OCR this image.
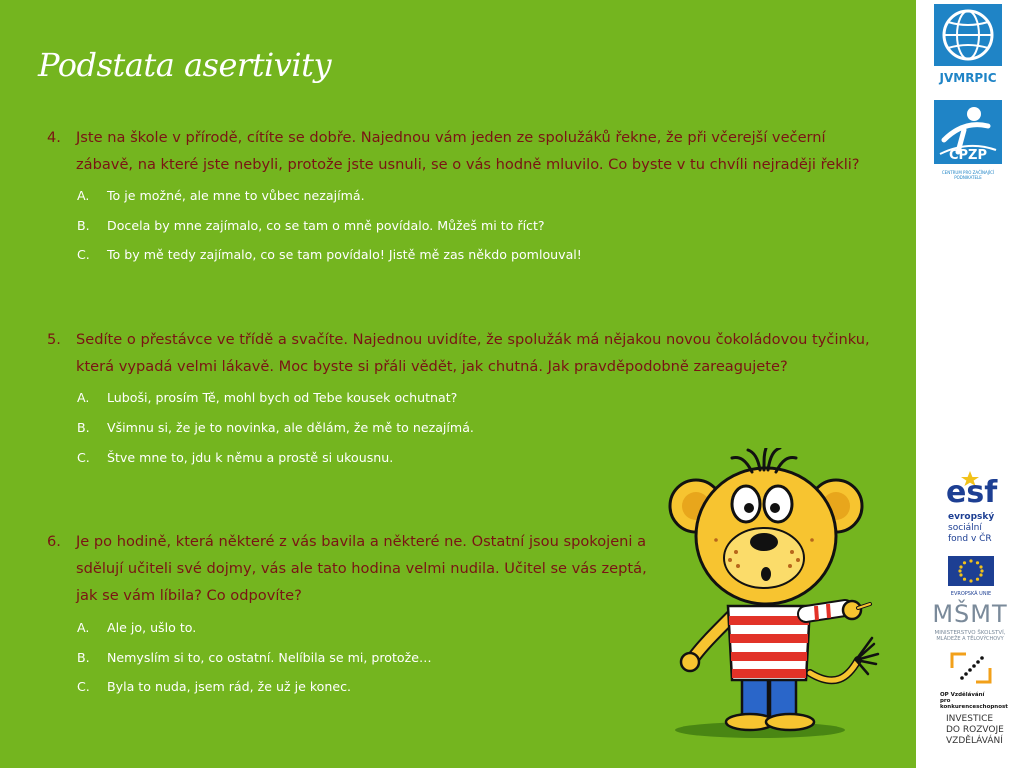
Podstata asertivity
4. Jste na škole v přírodě, cítíte se dobře. Najednou vám jeden ze spolužáků řekne, že při včerejší večerní zábavě, na které jste nebyli, protože jste usnuli, se o vás hodně mluvilo. Co byste v tu chvíli nejraději řekli?
A. To je možné, ale mne to vůbec nezajímá.
B. Docela by mne zajímalo, co se tam o mně povídalo. Můžeš mi to říct?
C. To by mě tedy zajímalo, co se tam povídalo! Jistě mě zas někdo pomlouval!
5. Sedíte o přestávce ve třídě a svačíte. Najednou uvidíte, že spolužák má nějakou novou čokoládovou tyčinku, která vypadá velmi lákavě. Moc byste si přáli vědět, jak chutná. Jak pravděpodobně zareagujete?
A. Luboši, prosím Tě, mohl bych od Tebe kousek ochutnat?
B. Všimnu si, že je to novinka, ale dělám, že mě to nezajímá.
C. Štve mne to, jdu k němu a prostě si ukousnu.
6. Je po hodině, která některé z vás bavila a některé ne. Ostatní jsou spokojeni a sdělují učiteli své dojmy, vás ale tato hodina velmi nudila. Učitel se vás zeptá, jak se vám líbila? Co odpovíte?
A. Ale jo, ušlo to.
B. Nemyslím si to, co ostatní. Nelíbila se mi, protože…
C. Byla to nuda, jsem rád, že už je konec.
JVMRPIC
CPZP
CENTRUM PRO ZAČÍNAJÍCÍ PODNIKATELE
esf
evropský
sociální
fond v ČR
EVROPSKÁ UNIE
MŠMT
MINISTERSTVO ŠKOLSTVÍ,
MLÁDEŽE A TĚLOVÝCHOVY
OP Vzdělávání
pro konkurenceschopnost
INVESTICE
DO ROZVOJE
VZDĚLÁVÁNÍ
